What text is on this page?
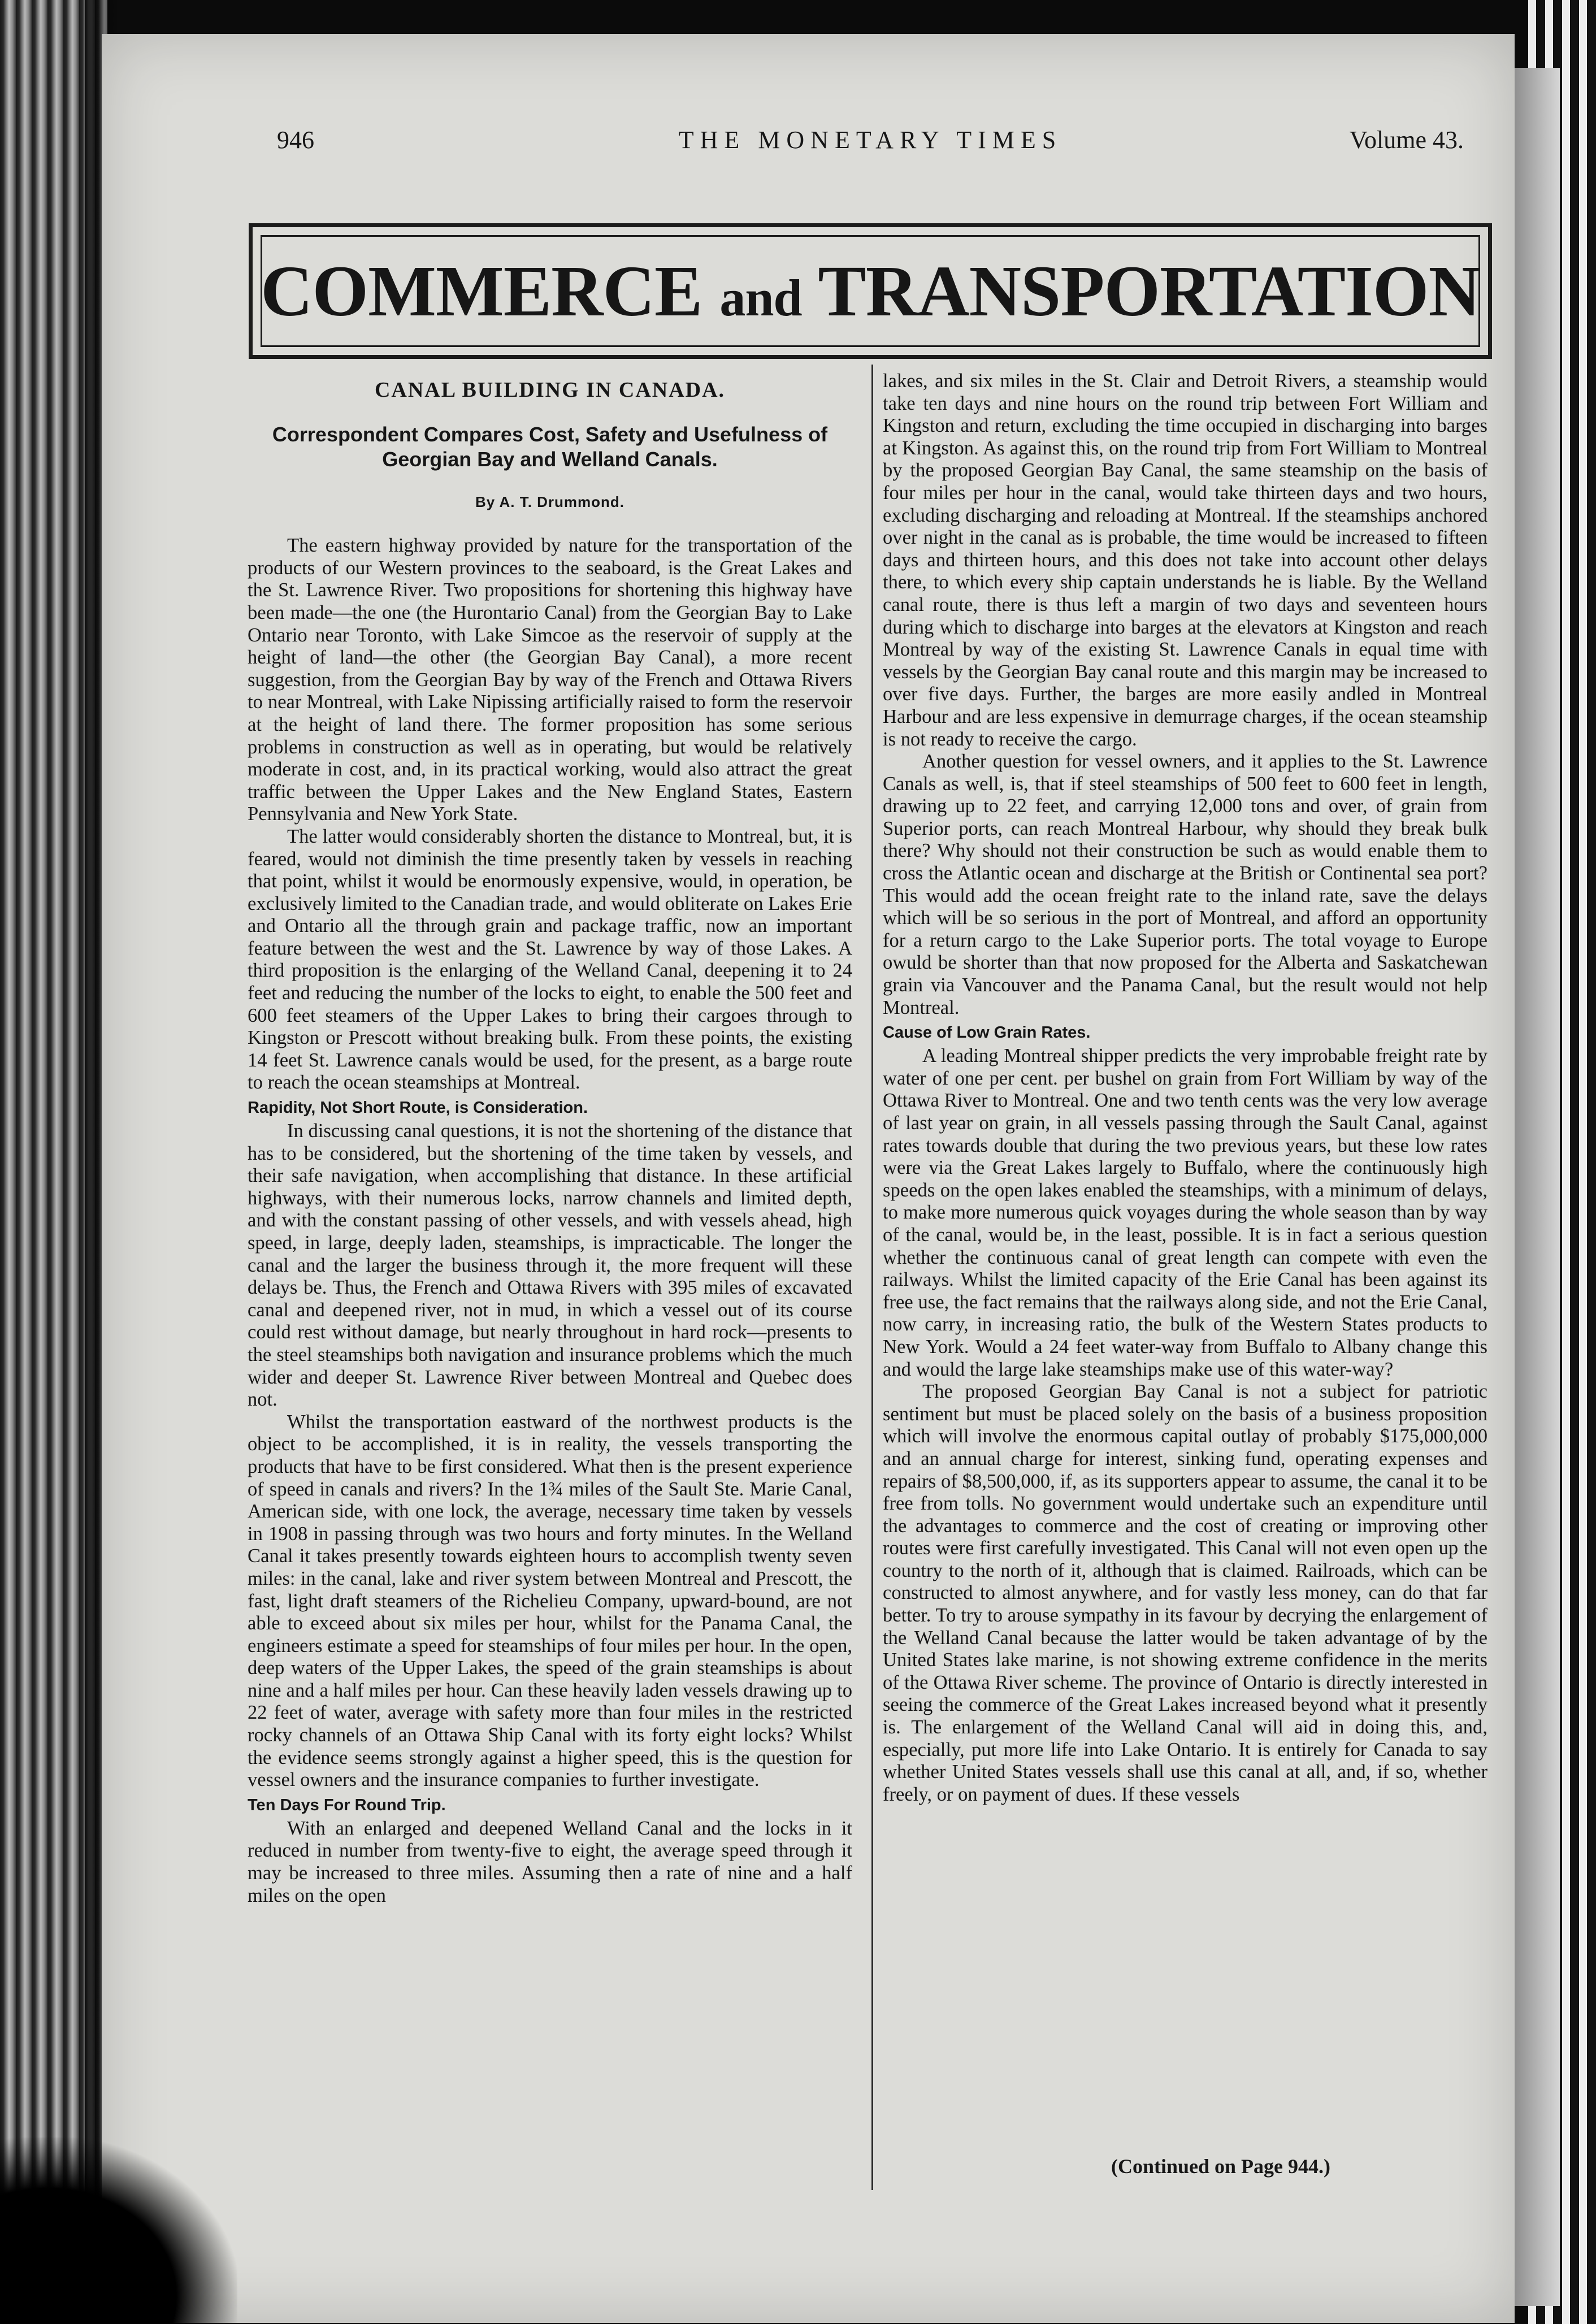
946	THE MONETARY TIMES	Volume 43.
COMMERCE and TRANSPORTATION
CANAL BUILDING IN CANADA.
Correspondent Compares Cost, Safety and Usefulness of Georgian Bay and Welland Canals.
By A. T. Drummond.

The eastern highway provided by nature for the transportation of the products of our Western provinces to the seaboard, is the Great Lakes and the St. Lawrence River. Two propositions for shortening this highway have been made—the one (the Hurontario Canal) from the Georgian Bay to Lake Ontario near Toronto, with Lake Simcoe as the reservoir of supply at the height of land—the other (the Georgian Bay Canal), a more recent suggestion, from the Georgian Bay by way of the French and Ottawa Rivers to near Montreal, with Lake Nipissing artificially raised to form the reservoir at the height of land there. The former proposition has some serious problems in construction as well as in operating, but would be relatively moderate in cost, and, in its practical working, would also attract the great traffic between the Upper Lakes and the New England States, Eastern Pennsylvania and New York State.

The latter would considerably shorten the distance to Montreal, but, it is feared, would not diminish the time presently taken by vessels in reaching that point, whilst it would be enormously expensive, would, in operation, be exclusively limited to the Canadian trade, and would obliterate on Lakes Erie and Ontario all the through grain and package traffic, now an important feature between the west and the St. Lawrence by way of those Lakes. A third proposition is the enlarging of the Welland Canal, deepening it to 24 feet and reducing the number of the locks to eight, to enable the 500 feet and 600 feet steamers of the Upper Lakes to bring their cargoes through to Kingston or Prescott without breaking bulk. From these points, the existing 14 feet St. Lawrence canals would be used, for the present, as a barge route to reach the ocean steamships at Montreal.

Rapidity, Not Short Route, is Consideration.

In discussing canal questions, it is not the shortening of the distance that has to be considered, but the shortening of the time taken by vessels, and their safe navigation, when accomplishing that distance. In these artificial highways, with their numerous locks, narrow channels and limited depth, and with the constant passing of other vessels, and with vessels ahead, high speed, in large, deeply laden, steamships, is impracticable. The longer the canal and the larger the business through it, the more frequent will these delays be. Thus, the French and Ottawa Rivers with 395 miles of excavated canal and deepened river, not in mud, in which a vessel out of its course could rest without damage, but nearly throughout in hard rock—presents to the steel steamships both navigation and insurance problems which the much wider and deeper St. Lawrence River between Montreal and Quebec does not.

Whilst the transportation eastward of the northwest products is the object to be accomplished, it is in reality, the vessels transporting the products that have to be first considered. What then is the present experience of speed in canals and rivers? In the 1¾ miles of the Sault Ste. Marie Canal, American side, with one lock, the average, necessary time taken by vessels in 1908 in passing through was two hours and forty minutes. In the Welland Canal it takes presently towards eighteen hours to accomplish twenty seven miles: in the canal, lake and river system between Montreal and Prescott, the fast, light draft steamers of the Richelieu Company, upward-bound, are not able to exceed about six miles per hour, whilst for the Panama Canal, the engineers estimate a speed for steamships of four miles per hour. In the open, deep waters of the Upper Lakes, the speed of the grain steamships is about nine and a half miles per hour. Can these heavily laden vessels drawing up to 22 feet of water, average with safety more than four miles in the restricted rocky channels of an Ottawa Ship Canal with its forty eight locks? Whilst the evidence seems strongly against a higher speed, this is the question for vessel owners and the insurance companies to further investigate.

Ten Days For Round Trip.

With an enlarged and deepened Welland Canal and the locks in it reduced in number from twenty-five to eight, the average speed through it may be increased to three miles. Assuming then a rate of nine and a half miles on the open

lakes, and six miles in the St. Clair and Detroit Rivers, a steamship would take ten days and nine hours on the round trip between Fort William and Kingston and return, excluding the time occupied in discharging into barges at Kingston. As against this, on the round trip from Fort William to Montreal by the proposed Georgian Bay Canal, the same steamship on the basis of four miles per hour in the canal, would take thirteen days and two hours, excluding discharging and reloading at Montreal. If the steamships anchored over night in the canal as is probable, the time would be increased to fifteen days and thirteen hours, and this does not take into account other delays there, to which every ship captain understands he is liable. By the Welland canal route, there is thus left a margin of two days and seventeen hours during which to discharge into barges at the elevators at Kingston and reach Montreal by way of the existing St. Lawrence Canals in equal time with vessels by the Georgian Bay canal route and this margin may be increased to over five days. Further, the barges are more easily andled in Montreal Harbour and are less expensive in demurrage charges, if the ocean steamship is not ready to receive the cargo.

Another question for vessel owners, and it applies to the St. Lawrence Canals as well, is, that if steel steamships of 500 feet to 600 feet in length, drawing up to 22 feet, and carrying 12,000 tons and over, of grain from Superior ports, can reach Montreal Harbour, why should they break bulk there? Why should not their construction be such as would enable them to cross the Atlantic ocean and discharge at the British or Continental sea port? This would add the ocean freight rate to the inland rate, save the delays which will be so serious in the port of Montreal, and afford an opportunity for a return cargo to the Lake Superior ports. The total voyage to Europe owuld be shorter than that now proposed for the Alberta and Saskatchewan grain via Vancouver and the Panama Canal, but the result would not help Montreal.

Cause of Low Grain Rates.

A leading Montreal shipper predicts the very improbable freight rate by water of one per cent. per bushel on grain from Fort William by way of the Ottawa River to Montreal. One and two tenth cents was the very low average of last year on grain, in all vessels passing through the Sault Canal, against rates towards double that during the two previous years, but these low rates were via the Great Lakes largely to Buffalo, where the continuously high speeds on the open lakes enabled the steamships, with a minimum of delays, to make more numerous quick voyages during the whole season than by way of the canal, would be, in the least, possible. It is in fact a serious question whether the continuous canal of great length can compete with even the railways. Whilst the limited capacity of the Erie Canal has been against its free use, the fact remains that the railways along side, and not the Erie Canal, now carry, in increasing ratio, the bulk of the Western States products to New York. Would a 24 feet water-way from Buffalo to Albany change this and would the large lake steamships make use of this water-way?

The proposed Georgian Bay Canal is not a subject for patriotic sentiment but must be placed solely on the basis of a business proposition which will involve the enormous capital outlay of probably $175,000,000 and an annual charge for interest, sinking fund, operating expenses and repairs of $8,500,000, if, as its supporters appear to assume, the canal it to be free from tolls. No government would undertake such an expenditure until the advantages to commerce and the cost of creating or improving other routes were first carefully investigated. This Canal will not even open up the country to the north of it, although that is claimed. Railroads, which can be constructed to almost anywhere, and for vastly less money, can do that far better. To try to arouse sympathy in its favour by decrying the enlargement of the Welland Canal because the latter would be taken advantage of by the United States lake marine, is not showing extreme confidence in the merits of the Ottawa River scheme. The province of Ontario is directly interested in seeing the commerce of the Great Lakes increased beyond what it presently is. The enlargement of the Welland Canal will aid in doing this, and, especially, put more life into Lake Ontario. It is entirely for Canada to say whether United States vessels shall use this canal at all, and, if so, whether freely, or on payment of dues. If these vessels

(Continued on Page 944.)
